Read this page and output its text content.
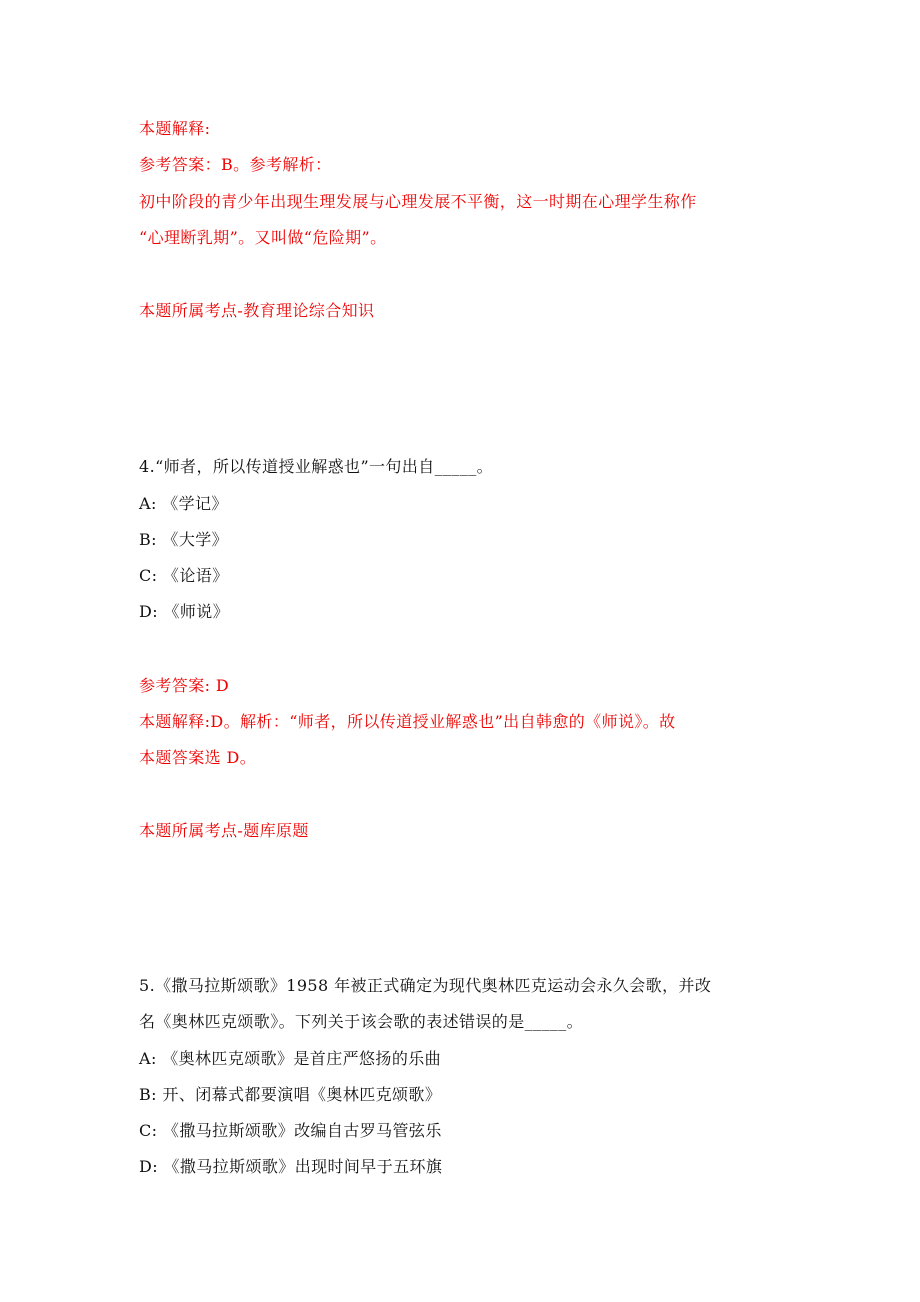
本题解释:
参考答案：B。参考解析：
初中阶段的青少年出现生理发展与心理发展不平衡，这一时期在心理学生称作
“心理断乳期”。又叫做“危险期”。
本题所属考点-教育理论综合知识
4.“师者，所以传道授业解惑也”一句出自_____。
A: 《学记》
B: 《大学》
C: 《论语》
D: 《师说》
参考答案: D
本题解释:D。解析：“师者，所以传道授业解惑也”出自韩愈的《师说》。故
本题答案选 D。
本题所属考点-题库原题
5.《撒马拉斯颂歌》1958 年被正式确定为现代奥林匹克运动会永久会歌，并改
名《奥林匹克颂歌》。下列关于该会歌的表述错误的是_____。
A: 《奥林匹克颂歌》是首庄严悠扬的乐曲
B: 开、闭幕式都要演唱《奥林匹克颂歌》
C: 《撒马拉斯颂歌》改编自古罗马管弦乐
D: 《撒马拉斯颂歌》出现时间早于五环旗
